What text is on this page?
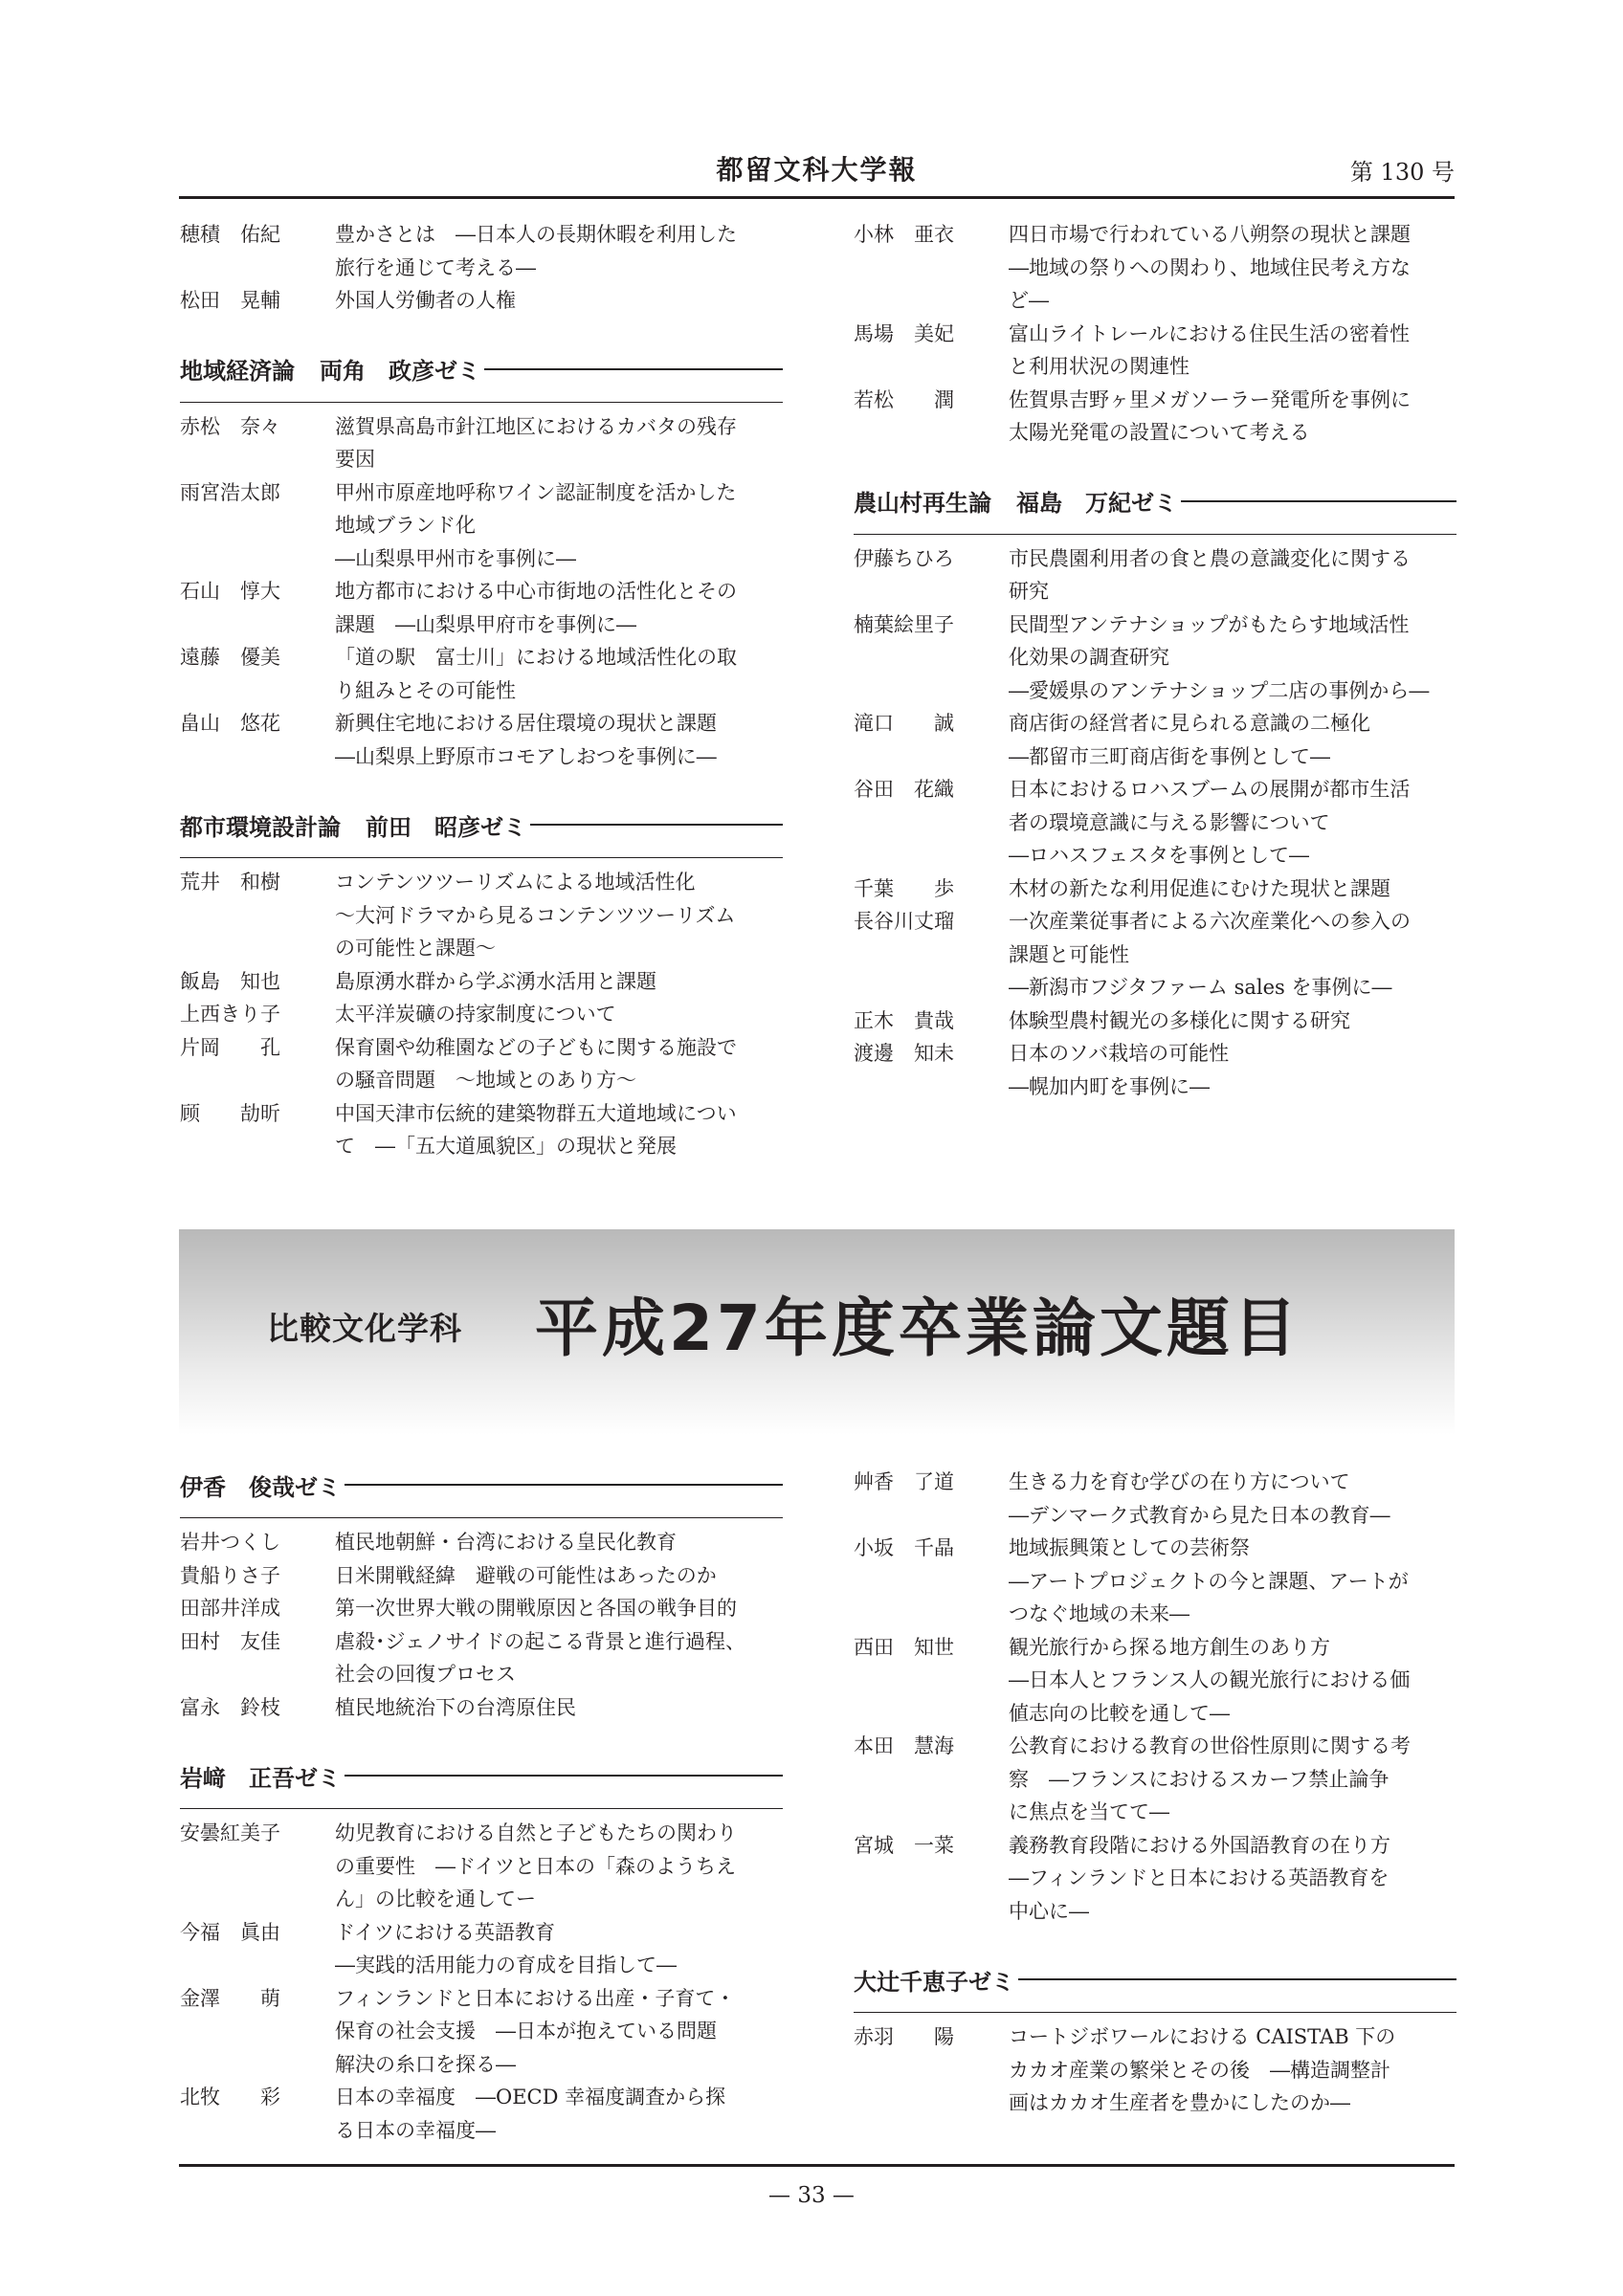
都留文科大学報	第 130 号
穂積　佑紀	豊かさとは　―日本人の長期休暇を利用した
旅行を通じて考える―
松田　晃輔	外国人労働者の人権
地域経済論 両角　政彦ゼミ
赤松　奈々	滋賀県高島市針江地区におけるカバタの残存
要因
雨宮浩太郎	甲州市原産地呼称ワイン認証制度を活かした
地域ブランド化
―山梨県甲州市を事例に―
石山　惇大	地方都市における中心市街地の活性化とその
課題　―山梨県甲府市を事例に―
遠藤　優美	「道の駅　富士川」における地域活性化の取
り組みとその可能性
畠山　悠花	新興住宅地における居住環境の現状と課題
―山梨県上野原市コモアしおつを事例に―
都市環境設計論 前田　昭彦ゼミ
荒井　和樹	コンテンツツーリズムによる地域活性化
～大河ドラマから見るコンテンツツーリズム
の可能性と課題～
飯島　知也	島原湧水群から学ぶ湧水活用と課題
上西きり子	太平洋炭礦の持家制度について
片岡　　孔	保育園や幼稚園などの子どもに関する施設で
の騒音問題　～地域とのあり方～
顾　　劼昕	中国天津市伝統的建築物群五大道地域につい
て　―「五大道風貌区」の現状と発展
小林　亜衣	四日市場で行われている八朔祭の現状と課題
―地域の祭りへの関わり、地域住民考え方な
ど―
馬場　美妃	富山ライトレールにおける住民生活の密着性
と利用状況の関連性
若松　　潤	佐賀県吉野ヶ里メガソーラー発電所を事例に
太陽光発電の設置について考える
農山村再生論 福島　万紀ゼミ
伊藤ちひろ	市民農園利用者の食と農の意識変化に関する
研究
楠葉絵里子	民間型アンテナショップがもたらす地域活性
化効果の調査研究
―愛媛県のアンテナショップ二店の事例から―
滝口　　誠	商店街の経営者に見られる意識の二極化
―都留市三町商店街を事例として―
谷田　花織	日本におけるロハスブームの展開が都市生活
者の環境意識に与える影響について
―ロハスフェスタを事例として―
千葉　　歩	木材の新たな利用促進にむけた現状と課題
長谷川丈瑠	一次産業従事者による六次産業化への参入の
課題と可能性
―新潟市フジタファーム sales を事例に―
正木　貴哉	体験型農村観光の多様化に関する研究
渡邊　知未	日本のソバ栽培の可能性
―幌加内町を事例に―
比較文化学科 平成27年度卒業論文題目
伊香　俊哉ゼミ
岩井つくし	植民地朝鮮・台湾における皇民化教育
貴船りさ子	日米開戦経緯　避戦の可能性はあったのか
田部井洋成	第一次世界大戦の開戦原因と各国の戦争目的
田村　友佳	虐殺･ジェノサイドの起こる背景と進行過程、
社会の回復プロセス
富永　鈴枝	植民地統治下の台湾原住民
岩﨑　正吾ゼミ
安曇紅美子	幼児教育における自然と子どもたちの関わり
の重要性　―ドイツと日本の「森のようちえ
ん」の比較を通してー
今福　眞由	ドイツにおける英語教育
―実践的活用能力の育成を目指して―
金澤　　萌	フィンランドと日本における出産・子育て・
保育の社会支援　―日本が抱えている問題
解決の糸口を探る―
北牧　　彩	日本の幸福度　―OECD 幸福度調査から探
る日本の幸福度―
艸香　了道	生きる力を育む学びの在り方について
―デンマーク式教育から見た日本の教育―
小坂　千晶	地域振興策としての芸術祭
―アートプロジェクトの今と課題、アートが
つなぐ地域の未来―
西田　知世	観光旅行から探る地方創生のあり方
―日本人とフランス人の観光旅行における価
値志向の比較を通して―
本田　慧海	公教育における教育の世俗性原則に関する考
察　―フランスにおけるスカーフ禁止論争
に焦点を当てて―
宮城　一菜	義務教育段階における外国語教育の在り方
―フィンランドと日本における英語教育を
中心に―
大辻千恵子ゼミ
赤羽　　陽	コートジボワールにおける CAISTAB 下の
カカオ産業の繁栄とその後　―構造調整計
画はカカオ生産者を豊かにしたのか―
— 33 —
